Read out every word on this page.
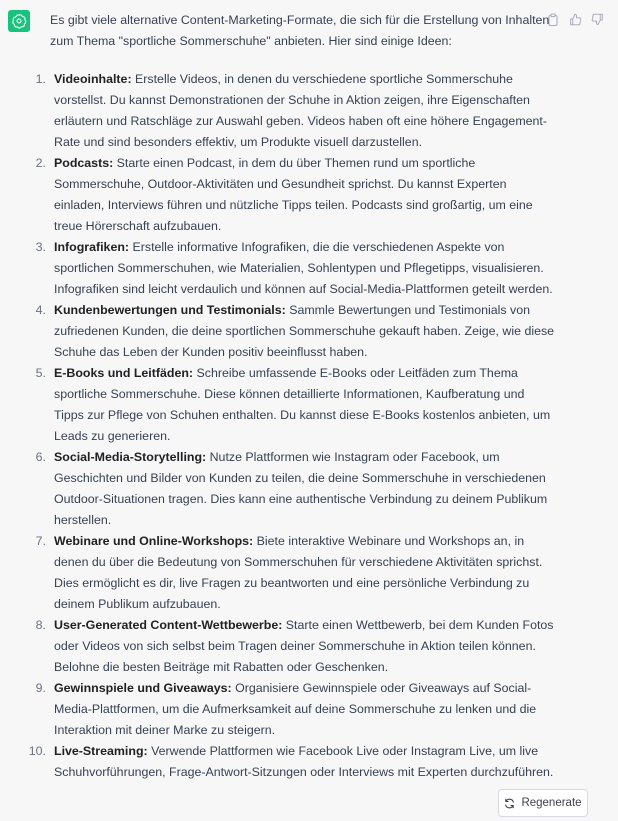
Es gibt viele alternative Content-Marketing-Formate, die sich für die Erstellung von Inhalten zum Thema "sportliche Sommerschuhe" anbieten. Hier sind einige Ideen:

1. Videoinhalte: Erstelle Videos, in denen du verschiedene sportliche Sommerschuhe vorstellst. Du kannst Demonstrationen der Schuhe in Aktion zeigen, ihre Eigenschaften erläutern und Ratschläge zur Auswahl geben. Videos haben oft eine höhere Engagement-Rate und sind besonders effektiv, um Produkte visuell darzustellen.
2. Podcasts: Starte einen Podcast, in dem du über Themen rund um sportliche Sommerschuhe, Outdoor-Aktivitäten und Gesundheit sprichst. Du kannst Experten einladen, Interviews führen und nützliche Tipps teilen. Podcasts sind großartig, um eine treue Hörerschaft aufzubauen.
3. Infografiken: Erstelle informative Infografiken, die die verschiedenen Aspekte von sportlichen Sommerschuhen, wie Materialien, Sohlentypen und Pflegetipps, visualisieren. Infografiken sind leicht verdaulich und können auf Social-Media-Plattformen geteilt werden.
4. Kundenbewertungen und Testimonials: Sammle Bewertungen und Testimonials von zufriedenen Kunden, die deine sportlichen Sommerschuhe gekauft haben. Zeige, wie diese Schuhe das Leben der Kunden positiv beeinflusst haben.
5. E-Books und Leitfäden: Schreibe umfassende E-Books oder Leitfäden zum Thema sportliche Sommerschuhe. Diese können detaillierte Informationen, Kaufberatung und Tipps zur Pflege von Schuhen enthalten. Du kannst diese E-Books kostenlos anbieten, um Leads zu generieren.
6. Social-Media-Storytelling: Nutze Plattformen wie Instagram oder Facebook, um Geschichten und Bilder von Kunden zu teilen, die deine Sommerschuhe in verschiedenen Outdoor-Situationen tragen. Dies kann eine authentische Verbindung zu deinem Publikum herstellen.
7. Webinare und Online-Workshops: Biete interaktive Webinare und Workshops an, in denen du über die Bedeutung von Sommerschuhen für verschiedene Aktivitäten sprichst. Dies ermöglicht es dir, live Fragen zu beantworten und eine persönliche Verbindung zu deinem Publikum aufzubauen.
8. User-Generated Content-Wettbewerbe: Starte einen Wettbewerb, bei dem Kunden Fotos oder Videos von sich selbst beim Tragen deiner Sommerschuhe in Aktion teilen können. Belohne die besten Beiträge mit Rabatten oder Geschenken.
9. Gewinnspiele und Giveaways: Organisiere Gewinnspiele oder Giveaways auf Social-Media-Plattformen, um die Aufmerksamkeit auf deine Sommerschuhe zu lenken und die Interaktion mit deiner Marke zu steigern.
10. Live-Streaming: Verwende Plattformen wie Facebook Live oder Instagram Live, um live Schuhvorführungen, Frage-Antwort-Sitzungen oder Interviews mit Experten durchzuführen.
Regenerate
